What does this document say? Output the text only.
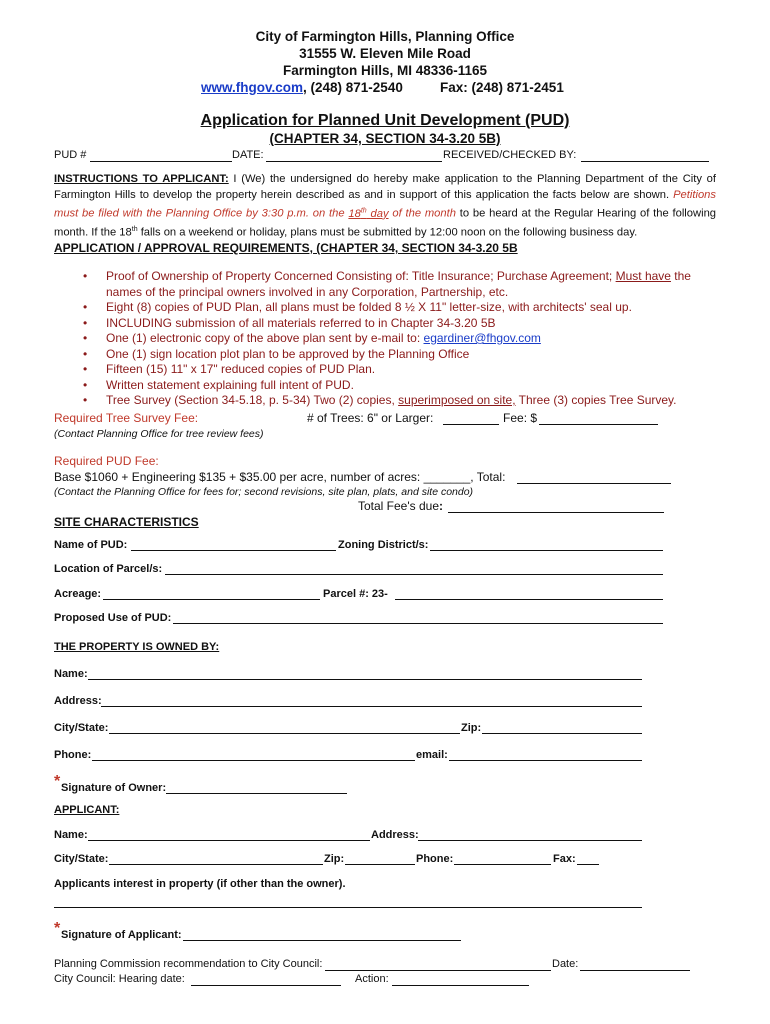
City of Farmington Hills, Planning Office
31555 W. Eleven Mile Road
Farmington Hills, MI 48336-1165
www.fhgov.com, (248) 871-2540	Fax: (248) 871-2451
Application for Planned Unit Development (PUD)
(CHAPTER 34, SECTION 34-3.20 5B)
PUD #	DATE:	RECEIVED/CHECKED BY:
INSTRUCTIONS TO APPLICANT: I (We) the undersigned do hereby make application to the Planning Department of the City of Farmington Hills to develop the property herein described as and in support of this application the facts below are shown. Petitions must be filed with the Planning Office by 3:30 p.m. on the 18th day of the month to be heard at the Regular Hearing of the following month. If the 18th falls on a weekend or holiday, plans must be submitted by 12:00 noon on the following business day.
APPLICATION / APPROVAL REQUIREMENTS, (CHAPTER 34, SECTION 34-3.20 5B
• Proof of Ownership of Property Concerned Consisting of: Title Insurance; Purchase Agreement; Must have the names of the principal owners involved in any Corporation, Partnership, etc.
• Eight (8) copies of PUD Plan, all plans must be folded 8 ½ X 11" letter-size, with architects' seal up.
• INCLUDING submission of all materials referred to in Chapter 34-3.20 5B
• One (1) electronic copy of the above plan sent by e-mail to: egardiner@fhgov.com
• One (1) sign location plot plan to be approved by the Planning Office
• Fifteen (15) 11" x 17" reduced copies of PUD Plan.
• Written statement explaining full intent of PUD.
• Tree Survey (Section 34-5.18, p. 5-34) Two (2) copies, superimposed on site, Three (3) copies Tree Survey.
Required Tree Survey Fee:	# of Trees: 6" or Larger:	Fee: $
(Contact Planning Office for tree review fees)
Required PUD Fee:
Base $1060 + Engineering $135 + $35.00 per acre, number of acres: _______, Total:
(Contact the Planning Office for fees for; second revisions, site plan, plats, and site condo)
Total Fee's due:
SITE CHARACTERISTICS
Name of PUD:	Zoning District/s:
Location of Parcel/s:
Acreage:	Parcel #: 23-
Proposed Use of PUD:
THE PROPERTY IS OWNED BY:
Name:
Address:
City/State:	Zip:
Phone:	email:
* Signature of Owner:
APPLICANT:
Name:	Address:
City/State:	Zip:	Phone:	Fax:
Applicants interest in property (if other than the owner).
* Signature of Applicant:
Planning Commission recommendation to City Council:	Date:
City Council: Hearing date:	Action:
